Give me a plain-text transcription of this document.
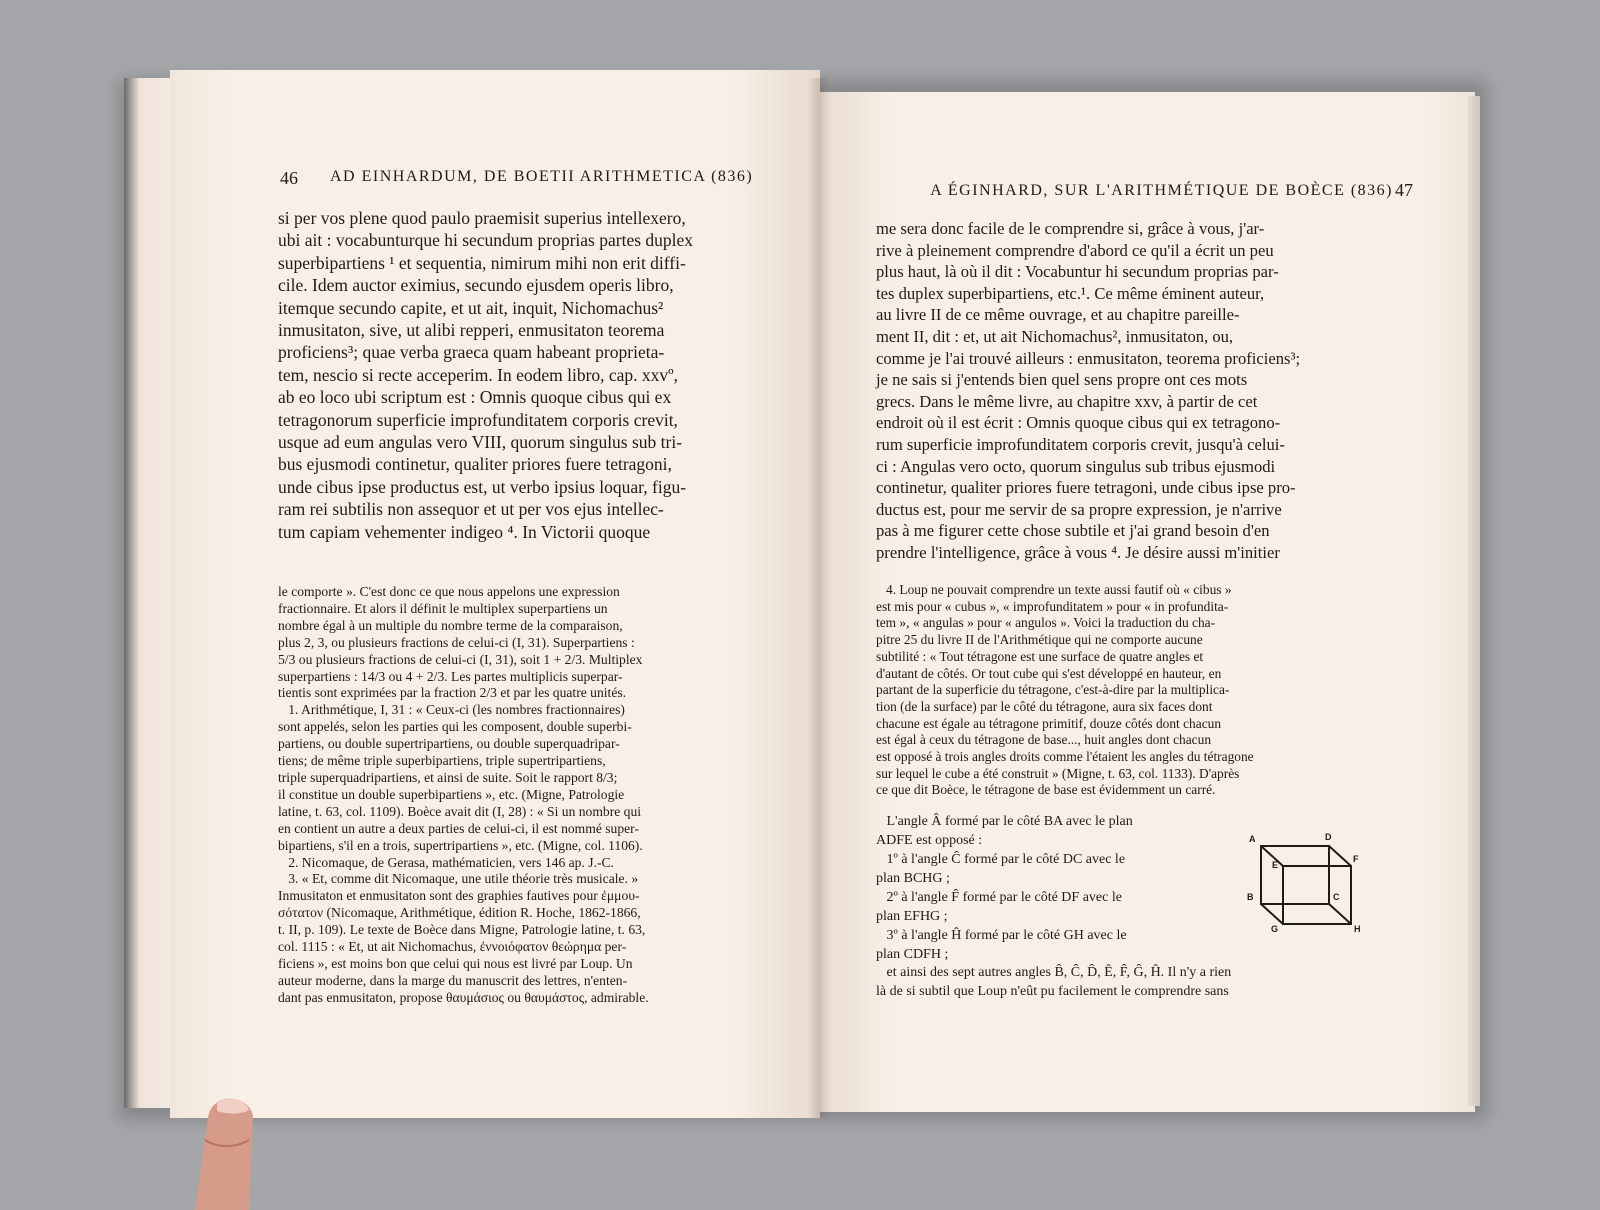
46 AD EINHARDUM, DE BOETII ARITHMETICA (836)
si per vos plene quod paulo praemisit superius intellexero,
ubi ait : vocabunturque hi secundum proprias partes duplex
superbipartiens ¹ et sequentia, nimirum mihi non erit diffi-
cile. Idem auctor eximius, secundo ejusdem operis libro,
itemque secundo capite, et ut ait, inquit, Nichomachus²
inmusitaton, sive, ut alibi repperi, enmusitaton teorema
proficiens³; quae verba graeca quam habeant proprieta-
tem, nescio si recte acceperim. In eodem libro, cap. xxvº,
ab eo loco ubi scriptum est : Omnis quoque cibus qui ex
tetragonorum superficie improfunditatem corporis crevit,
usque ad eum angulas vero VIII, quorum singulus sub tri-
bus ejusmodi continetur, qualiter priores fuere tetragoni,
unde cibus ipse productus est, ut verbo ipsius loquar, figu-
ram rei subtilis non assequor et ut per vos ejus intellec-
tum capiam vehementer indigeo ⁴. In Victorii quoque
le comporte ». C'est donc ce que nous appelons une expression
fractionnaire. Et alors il définit le multiplex superpartiens un
nombre égal à un multiple du nombre terme de la comparaison,
plus 2, 3, ou plusieurs fractions de celui-ci (I, 31). Superpartiens :
5/3 ou plusieurs fractions de celui-ci (I, 31), soit 1 + 2/3. Multiplex
superpartiens : 14/3 ou 4 + 2/3. Les partes multiplicis superpar-
tientis sont exprimées par la fraction 2/3 et par les quatre unités.
1. Arithmétique, I, 31 : « Ceux-ci (les nombres fractionnaires)
sont appelés, selon les parties qui les composent, double superbi-
partiens, ou double supertripartiens, ou double superquadripar-
tiens; de même triple superbipartiens, triple supertripartiens,
triple superquadripartiens, et ainsi de suite. Soit le rapport 8/3;
il constitue un double superbipartiens », etc. (Migne, Patrologie
latine, t. 63, col. 1109). Boèce avait dit (I, 28) : « Si un nombre qui
en contient un autre a deux parties de celui-ci, il est nommé super-
bipartiens, s'il en a trois, supertripartiens », etc. (Migne, col. 1106).
2. Nicomaque, de Gerasa, mathématicien, vers 146 ap. J.-C.
3. « Et, comme dit Nicomaque, une utile théorie très musicale. »
Inmusitaton et enmusitaton sont des graphies fautives pour ἐμμου-
σότατον (Nicomaque, Arithmétique, édition R. Hoche, 1862-1866,
t. II, p. 109). Le texte de Boèce dans Migne, Patrologie latine, t. 63,
col. 1115 : « Et, ut ait Nichomachus, ἐννοιόφατον θεώρημα per-
ficiens », est moins bon que celui qui nous est livré par Loup. Un
auteur moderne, dans la marge du manuscrit des lettres, n'enten-
dant pas enmusitaton, propose θαυμάσιος ou θαυμάστος, admirable.
A ÉGINHARD, SUR L'ARITHMÉTIQUE DE BOÈCE (836) 47
me sera donc facile de le comprendre si, grâce à vous, j'ar-
rive à pleinement comprendre d'abord ce qu'il a écrit un peu
plus haut, là où il dit : Vocabuntur hi secundum proprias par-
tes duplex superbipartiens, etc.¹. Ce même éminent auteur,
au livre II de ce même ouvrage, et au chapitre pareille-
ment II, dit : et, ut ait Nichomachus², inmusitaton, ou,
comme je l'ai trouvé ailleurs : enmusitaton, teorema proficiens³;
je ne sais si j'entends bien quel sens propre ont ces mots
grecs. Dans le même livre, au chapitre xxv, à partir de cet
endroit où il est écrit : Omnis quoque cibus qui ex tetragono-
rum superficie improfunditatem corporis crevit, jusqu'à celui-
ci : Angulas vero octo, quorum singulus sub tribus ejusmodi
continetur, qualiter priores fuere tetragoni, unde cibus ipse pro-
ductus est, pour me servir de sa propre expression, je n'arrive
pas à me figurer cette chose subtile et j'ai grand besoin d'en
prendre l'intelligence, grâce à vous ⁴. Je désire aussi m'initier
4. Loup ne pouvait comprendre un texte aussi fautif où « cibus »
est mis pour « cubus », « improfunditatem » pour « in profundita-
tem », « angulas » pour « angulos ». Voici la traduction du cha-
pitre 25 du livre II de l'Arithmétique qui ne comporte aucune
subtilité : « Tout tétragone est une surface de quatre angles et
d'autant de côtés. Or tout cube qui s'est développé en hauteur, en
partant de la superficie du tétragone, c'est-à-dire par la multiplica-
tion (de la surface) par le côté du tétragone, aura six faces dont
chacune est égale au tétragone primitif, douze côtés dont chacun
est égal à ceux du tétragone de base..., huit angles dont chacun
est opposé à trois angles droits comme l'étaient les angles du tétragone
sur lequel le cube a été construit » (Migne, t. 63, col. 1133). D'après
ce que dit Boèce, le tétragone de base est évidemment un carré.
L'angle Â formé par le côté BA avec le plan
ADFE est opposé :
1º à l'angle Ĉ formé par le côté DC avec le
plan BCHG ;
2º à l'angle F̂ formé par le côté DF avec le
plan EFHG ;
3º à l'angle Ĥ formé par le côté GH avec le
plan CDFH ;
A	D
F
E
B	C
G	H
et ainsi des sept autres angles B̂, Ĉ, D̂, Ê, F̂, Ĝ, Ĥ. Il n'y a rien
là de si subtil que Loup n'eût pu facilement le comprendre sans
